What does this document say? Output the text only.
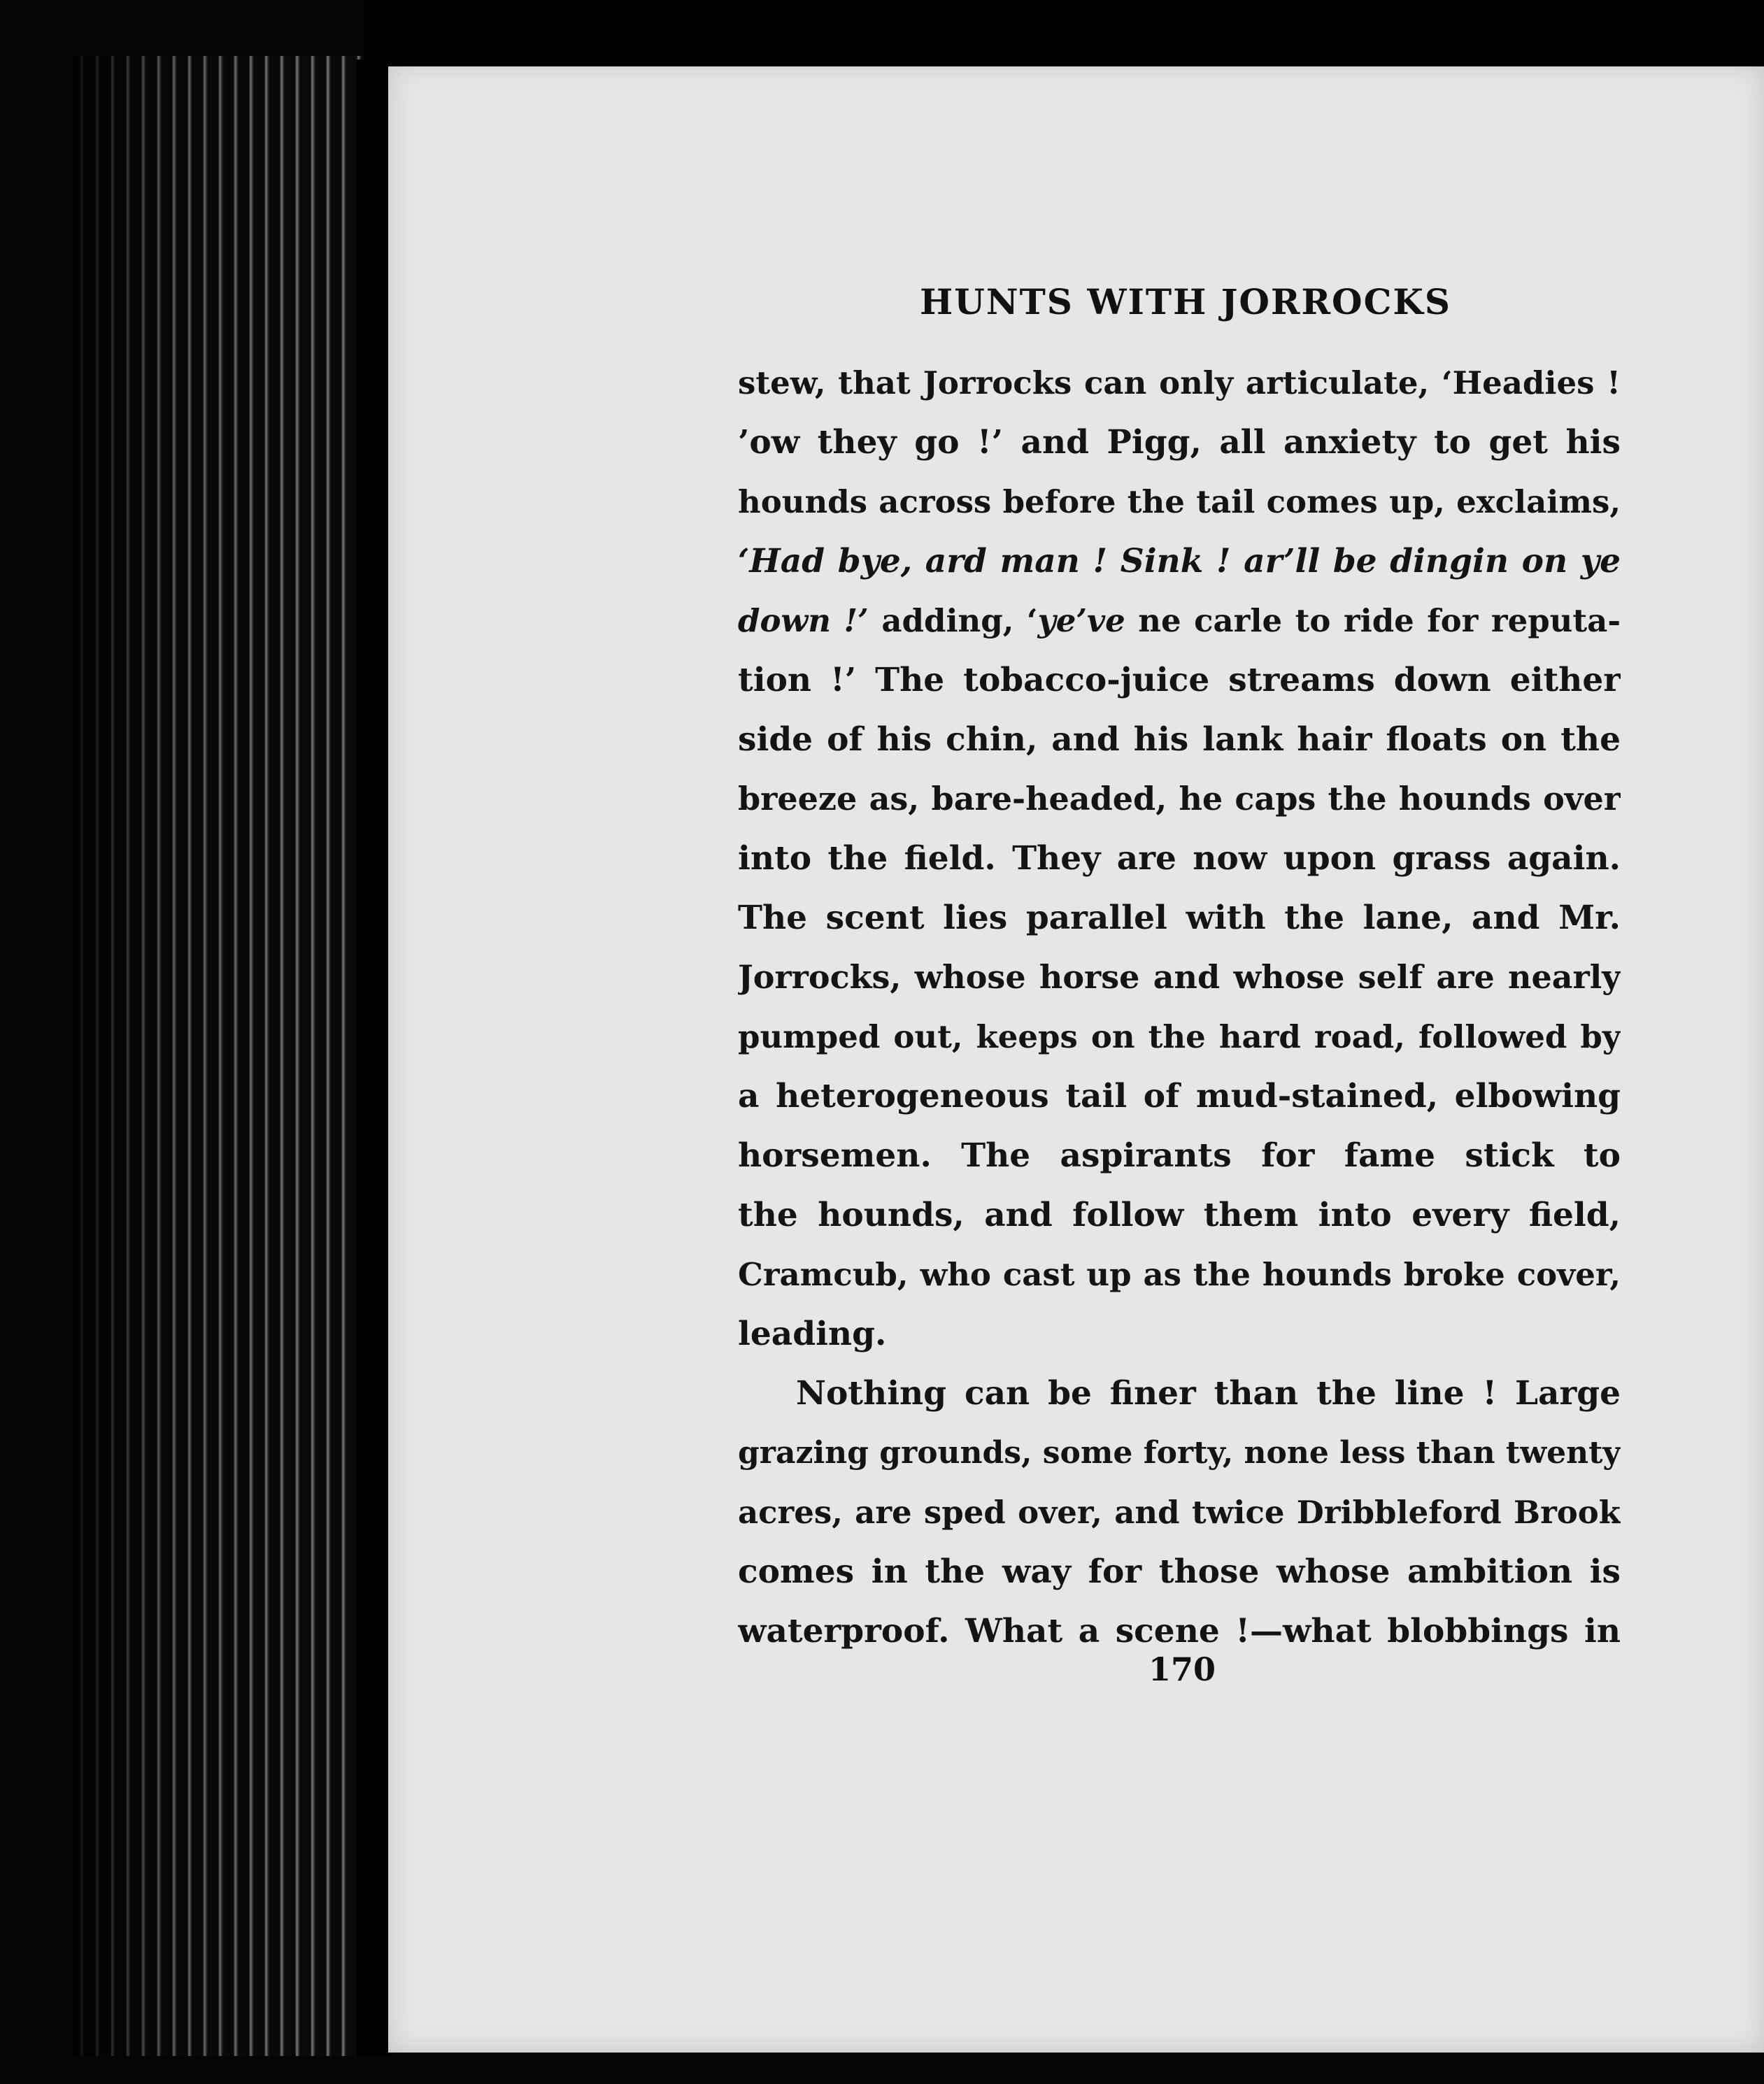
HUNTS WITH JORROCKS
stew, that Jorrocks can only articulate, ‘Headies !
’ow they go !’ and Pigg, all anxiety to get his
hounds across before the tail comes up, exclaims,
‘Had bye, ard man ! Sink ! ar’ll be dingin on ye
down !’ adding, ‘ye’ve ne carle to ride for reputa-
tion !’ The tobacco-juice streams down either
side of his chin, and his lank hair floats on the
breeze as, bare-headed, he caps the hounds over
into the field. They are now upon grass again.
The scent lies parallel with the lane, and Mr.
Jorrocks, whose horse and whose self are nearly
pumped out, keeps on the hard road, followed by
a heterogeneous tail of mud-stained, elbowing
horsemen. The aspirants for fame stick to
the hounds, and follow them into every field,
Cramcub, who cast up as the hounds broke cover,
leading.
Nothing can be finer than the line ! Large
grazing grounds, some forty, none less than twenty
acres, are sped over, and twice Dribbleford Brook
comes in the way for those whose ambition is
waterproof. What a scene !—what blobbings in
170
